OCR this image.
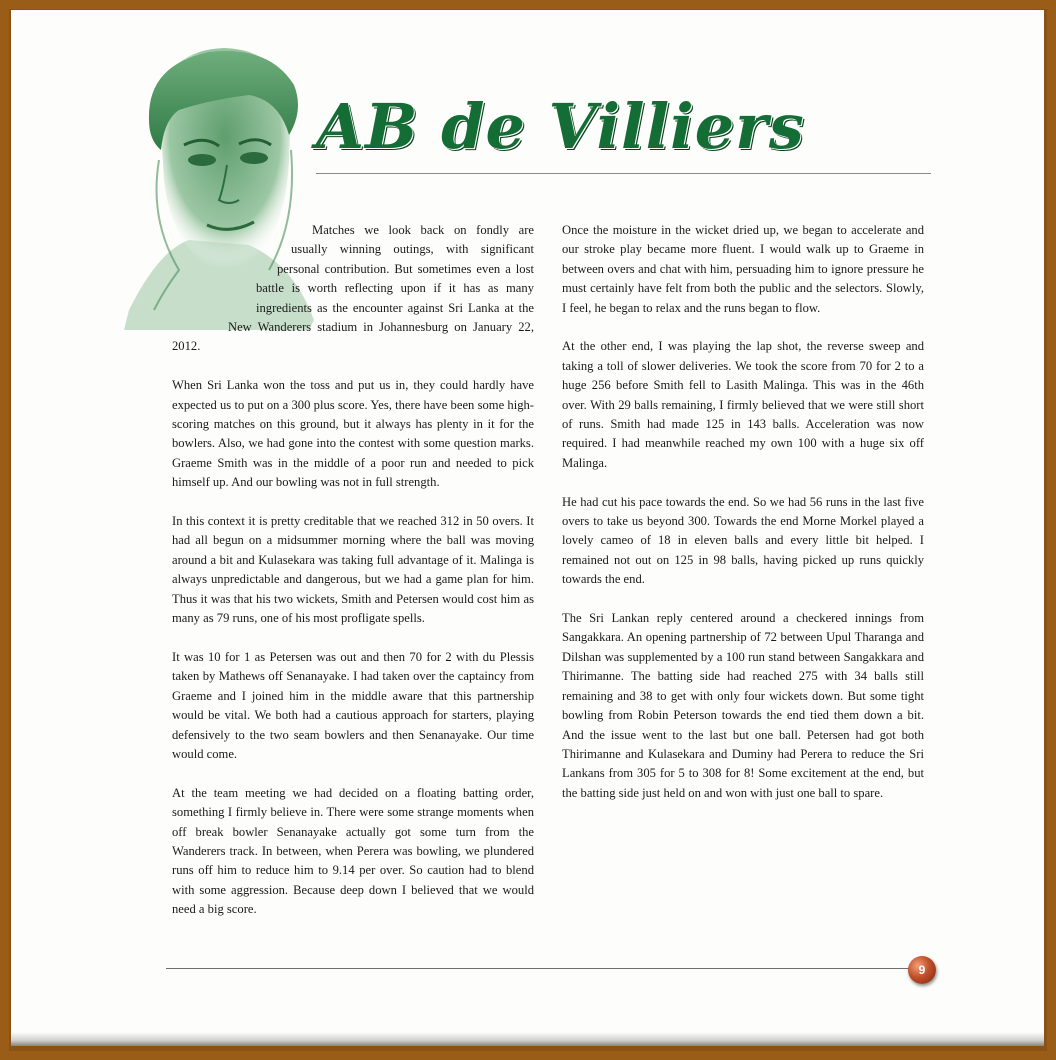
AB de Villiers

Matches we look back on fondly are usually winning outings, with significant personal contribution. But sometimes even a lost battle is worth reflecting upon if it has as many ingredients as the encounter against Sri Lanka at the New Wanderers stadium in Johannesburg on January 22, 2012.

When Sri Lanka won the toss and put us in, they could hardly have expected us to put on a 300 plus score. Yes, there have been some high-scoring matches on this ground, but it always has plenty in it for the bowlers. Also, we had gone into the contest with some question marks. Graeme Smith was in the middle of a poor run and needed to pick himself up. And our bowling was not in full strength.

In this context it is pretty creditable that we reached 312 in 50 overs. It had all begun on a midsummer morning where the ball was moving around a bit and Kulasekara was taking full advantage of it. Malinga is always unpredictable and dangerous, but we had a game plan for him. Thus it was that his two wickets, Smith and Petersen would cost him as many as 79 runs, one of his most profligate spells.

It was 10 for 1 as Petersen was out and then 70 for 2 with du Plessis taken by Mathews off Senanayake. I had taken over the captaincy from Graeme and I joined him in the middle aware that this partnership would be vital. We both had a cautious approach for starters, playing defensively to the two seam bowlers and then Senanayake. Our time would come.

At the team meeting we had decided on a floating batting order, something I firmly believe in. There were some strange moments when off break bowler Senanayake actually got some turn from the Wanderers track. In between, when Perera was bowling, we plundered runs off him to reduce him to 9.14 per over. So caution had to blend with some aggression. Because deep down I believed that we would need a big score.

Once the moisture in the wicket dried up, we began to accelerate and our stroke play became more fluent. I would walk up to Graeme in between overs and chat with him, persuading him to ignore pressure he must certainly have felt from both the public and the selectors. Slowly, I feel, he began to relax and the runs began to flow.

At the other end, I was playing the lap shot, the reverse sweep and taking a toll of slower deliveries. We took the score from 70 for 2 to a huge 256 before Smith fell to Lasith Malinga. This was in the 46th over. With 29 balls remaining, I firmly believed that we were still short of runs. Smith had made 125 in 143 balls. Acceleration was now required. I had meanwhile reached my own 100 with a huge six off Malinga.

He had cut his pace towards the end. So we had 56 runs in the last five overs to take us beyond 300. Towards the end Morne Morkel played a lovely cameo of 18 in eleven balls and every little bit helped. I remained not out on 125 in 98 balls, having picked up runs quickly towards the end.

The Sri Lankan reply centered around a checkered innings from Sangakkara. An opening partnership of 72 between Upul Tharanga and Dilshan was supplemented by a 100 run stand between Sangakkara and Thirimanne. The batting side had reached 275 with 34 balls still remaining and 38 to get with only four wickets down. But some tight bowling from Robin Peterson towards the end tied them down a bit. And the issue went to the last but one ball. Petersen had got both Thirimanne and Kulasekara and Duminy had Perera to reduce the Sri Lankans from 305 for 5 to 308 for 8! Some excitement at the end, but the batting side just held on and won with just one ball to spare.

9
